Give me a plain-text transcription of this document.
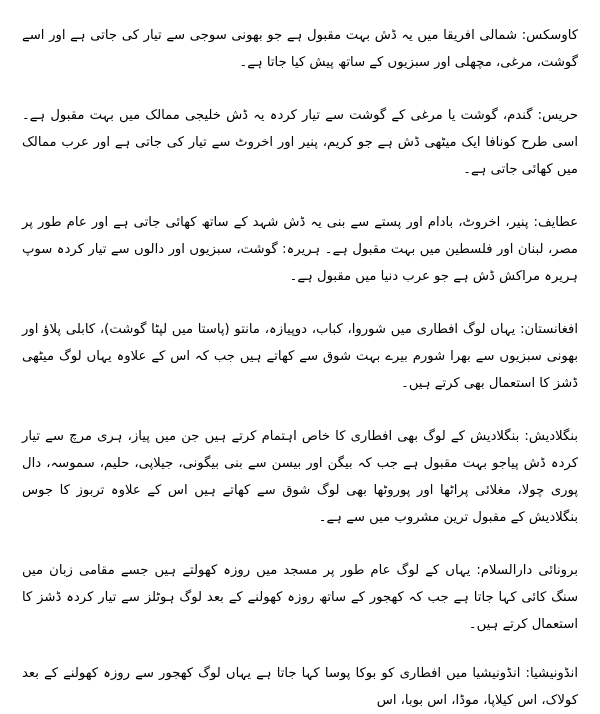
کاوسکس: شمالی افریقا میں یہ ڈش بہت مقبول ہے جو بھونی سوجی سے تیار کی جاتی ہے اور اسے گوشت، مرغی، مچھلی اور سبزیوں کے ساتھ پیش کیا جاتا ہے۔

حریس: گندم، گوشت یا مرغی کے گوشت سے تیار کردہ یہ ڈش خلیجی ممالک میں بہت مقبول ہے۔ اسی طرح کونافا ایک میٹھی ڈش ہے جو کریم، پنیر اور اخروٹ سے تیار کی جاتی ہے اور عرب ممالک میں کھائی جاتی ہے۔

عطایف: پنیر، اخروٹ، بادام اور پستے سے بنی یہ ڈش شہد کے ساتھ کھائی جاتی ہے اور عام طور پر مصر، لبنان اور فلسطین میں بہت مقبول ہے۔ ہریرہ: گوشت، سبزیوں اور دالوں سے تیار کردہ سوپ ہریرہ مراکش ڈش ہے جو عرب دنیا میں مقبول ہے۔

افغانستان: یہاں لوگ افطاری میں شوروا، کباب، دوپیازہ، مانتو (پاستا میں لپٹا گوشت)، کابلی پلاؤ اور بھونی سبزیوں سے بھرا شورم بیرے بہت شوق سے کھاتے ہیں جب کہ اس کے علاوہ یہاں لوگ میٹھی ڈشز کا استعمال بھی کرتے ہیں۔

بنگلادیش: بنگلادیش کے لوگ بھی افطاری کا خاص اہتمام کرتے ہیں جن میں پیاز، ہری مرچ سے تیار کردہ ڈش پیاجو بہت مقبول ہے جب کہ بیگن اور بیسن سے بنی بیگونی، جیلاپی، حلیم، سموسہ، دال پوری چولا، مغلائی پراٹھا اور پوروٹھا بھی لوگ شوق سے کھاتے ہیں اس کے علاوہ تربوز کا جوس بنگلادیش کے مقبول ترین مشروب میں سے ہے۔

برونائی دارالسلام: یہاں کے لوگ عام طور پر مسجد میں روزہ کھولتے ہیں جسے مقامی زبان میں سنگ کائی کہا جاتا ہے جب کہ کھجور کے ساتھ روزہ کھولنے کے بعد لوگ ہوٹلز سے تیار کردہ ڈشز کا استعمال کرتے ہیں۔

انڈونیشیا: انڈونیشیا میں افطاری کو بوکا پوسا کہا جاتا ہے یہاں لوگ کھجور سے روزہ کھولنے کے بعد کولاک، اس کیلاپا، موڈا، اس بوبا، اس
